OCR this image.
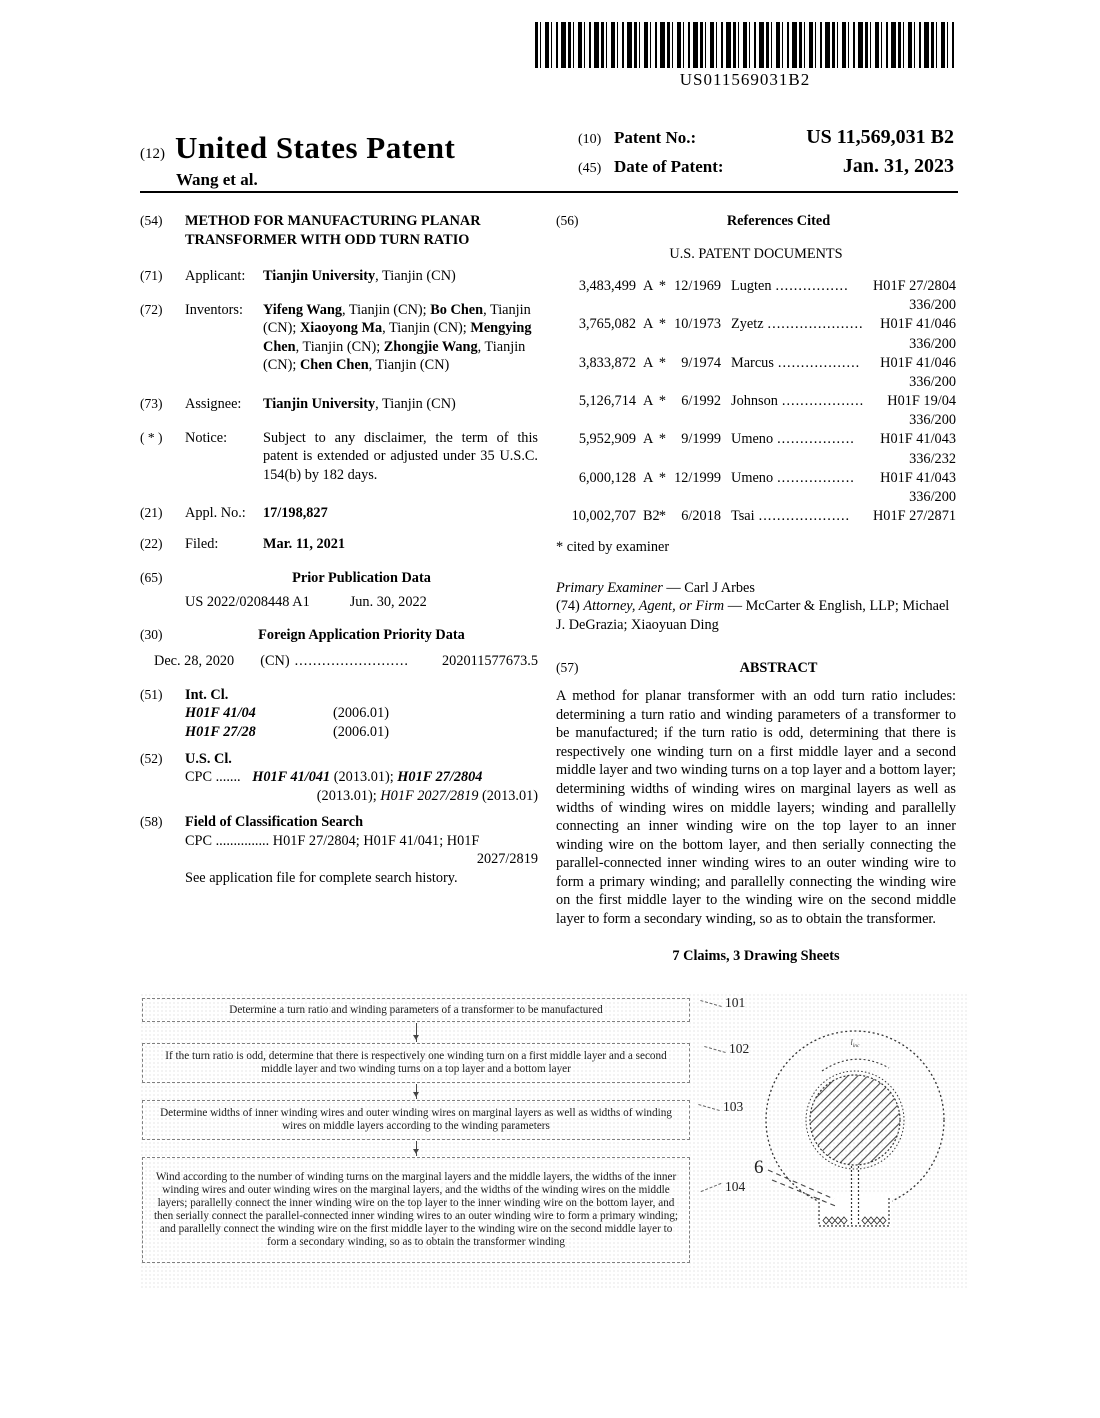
US011569031B2
(12) United States Patent
Wang et al.
(10) Patent No.:	US 11,569,031 B2
(45) Date of Patent:	Jan. 31, 2023
(54)	METHOD FOR MANUFACTURING PLANAR TRANSFORMER WITH ODD TURN RATIO
(71)	Applicant:	Tianjin University, Tianjin (CN)
(72)	Inventors:	Yifeng Wang, Tianjin (CN); Bo Chen, Tianjin (CN); Xiaoyong Ma, Tianjin (CN); Mengying Chen, Tianjin (CN); Zhongjie Wang, Tianjin (CN); Chen Chen, Tianjin (CN)
(73)	Assignee:	Tianjin University, Tianjin (CN)
( * )	Notice:	Subject to any disclaimer, the term of this patent is extended or adjusted under 35 U.S.C. 154(b) by 182 days.
(21)	Appl. No.:	17/198,827
(22)	Filed:	Mar. 11, 2021
(65)	Prior Publication Data
US 2022/0208448 A1	Jun. 30, 2022
(30)	Foreign Application Priority Data
Dec. 28, 2020 (CN) .........................	202011577673.5
(51)	Int. Cl.
H01F 41/04	(2006.01)
H01F 27/28	(2006.01)
(52)	U.S. Cl.
CPC ....... H01F 41/041 (2013.01); H01F 27/2804
(2013.01); H01F 2027/2819 (2013.01)
(58)	Field of Classification Search
CPC ............... H01F 27/2804; H01F 41/041; H01F
2027/2819
See application file for complete search history.
(56)	References Cited
U.S. PATENT DOCUMENTS
3,483,499 A * 12/1969 Lugten ................	H01F 27/2804
336/200
3,765,082 A * 10/1973 Zyetz .....................	H01F 41/046
336/200
3,833,872 A *	9/1974 Marcus ..................	H01F 41/046
336/200
5,126,714 A *	6/1992 Johnson ..................	H01F 19/04
336/200
5,952,909 A *	9/1999 Umeno .................	H01F 41/043
336/232
6,000,128 A * 12/1999 Umeno .................	H01F 41/043
336/200
10,002,707 B2 *	6/2018 Tsai ....................	H01F 27/2871
* cited by examiner
Primary Examiner — Carl J Arbes
(74) Attorney, Agent, or Firm — McCarter & English, LLP; Michael J. DeGrazia; Xiaoyuan Ding
(57)	ABSTRACT
A method for planar transformer with an odd turn ratio includes: determining a turn ratio and winding parameters of a transformer to be manufactured; if the turn ratio is odd, determining that there is respectively one winding turn on a first middle layer and a second middle layer and two winding turns on a top layer and a bottom layer; determining widths of winding wires on marginal layers as well as widths of winding wires on middle layers; winding and parallelly connecting an inner winding wire on the top layer to an inner winding wire on the bottom layer, and then serially connecting the parallel-connected inner winding wires to an outer winding wire to form a primary winding; and parallelly connecting the winding wire on the first middle layer to the winding wire on the second middle layer to form a secondary winding, so as to obtain the transformer.
7 Claims, 3 Drawing Sheets
Determine a turn ratio and winding parameters of a transformer to be manufactured
If the turn ratio is odd, determine that there is respectively one winding turn on a first middle layer and a second middle layer and two winding turns on a top layer and a bottom layer
Determine widths of inner winding wires and outer winding wires on marginal layers as well as widths of winding wires on middle layers according to the winding parameters
Wind according to the number of winding turns on the marginal layers and the middle layers, the widths of the inner winding wires and outer winding wires on the marginal layers, and the widths of the winding wires on the middle layers; parallelly connect the inner winding wire on the top layer to the inner winding wire on the bottom layer, and then serially connect the parallel-connected inner winding wires to an outer winding wire to form a primary winding; and parallelly connect the winding wire on the first middle layer to the winding wire on the second middle layer to form a secondary winding, so as to obtain the transformer winding
101
102
103
104
$l_{inc}$
6
